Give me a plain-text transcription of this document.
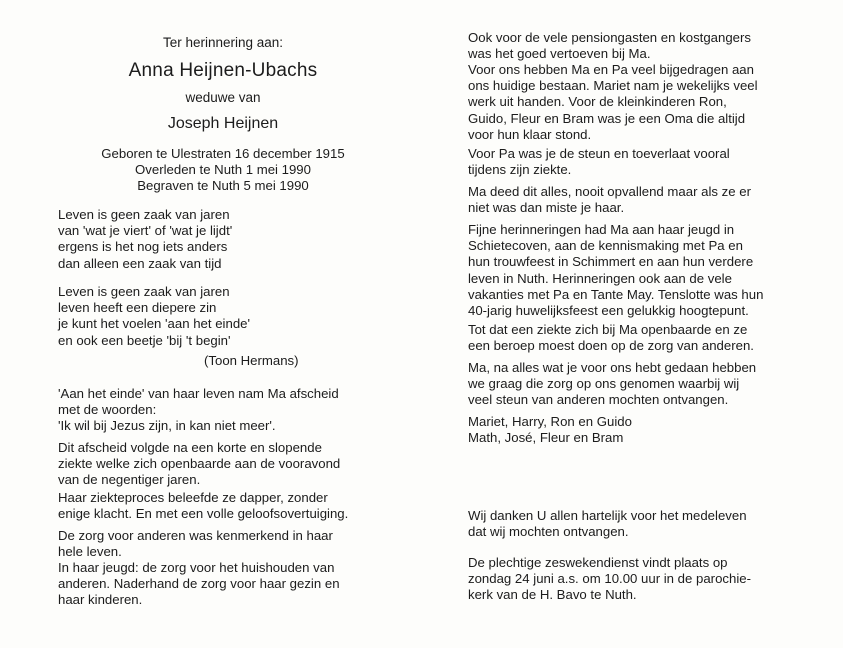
Ter herinnering aan:
Anna Heijnen-Ubachs
weduwe van
Joseph Heijnen
Geboren te Ulestraten 16 december 1915
Overleden te Nuth 1 mei 1990
Begraven te Nuth 5 mei 1990
Leven is geen zaak van jaren
van 'wat je viert' of 'wat je lijdt'
ergens is het nog iets anders
dan alleen een zaak van tijd
Leven is geen zaak van jaren
leven heeft een diepere zin
je kunt het voelen 'aan het einde'
en ook een beetje 'bij 't begin'
(Toon Hermans)
'Aan het einde' van haar leven nam Ma afscheid
met de woorden:
'Ik wil bij Jezus zijn, in kan niet meer'.
Dit afscheid volgde na een korte en slopende
ziekte welke zich openbaarde aan de vooravond
van de negentiger jaren.
Haar ziekteproces beleefde ze dapper, zonder
enige klacht. En met een volle geloofsovertuiging.
De zorg voor anderen was kenmerkend in haar
hele leven.
In haar jeugd: de zorg voor het huishouden van
anderen. Naderhand de zorg voor haar gezin en
haar kinderen.
Ook voor de vele pensiongasten en kostgangers
was het goed vertoeven bij Ma.
Voor ons hebben Ma en Pa veel bijgedragen aan
ons huidige bestaan. Mariet nam je wekelijks veel
werk uit handen. Voor de kleinkinderen Ron,
Guido, Fleur en Bram was je een Oma die altijd
voor hun klaar stond.
Voor Pa was je de steun en toeverlaat vooral
tijdens zijn ziekte.
Ma deed dit alles, nooit opvallend maar als ze er
niet was dan miste je haar.
Fijne herinneringen had Ma aan haar jeugd in
Schietecoven, aan de kennismaking met Pa en
hun trouwfeest in Schimmert en aan hun verdere
leven in Nuth. Herinneringen ook aan de vele
vakanties met Pa en Tante May. Tenslotte was hun
40-jarig huwelijksfeest een gelukkig hoogtepunt.
Tot dat een ziekte zich bij Ma openbaarde en ze
een beroep moest doen op de zorg van anderen.
Ma, na alles wat je voor ons hebt gedaan hebben
we graag die zorg op ons genomen waarbij wij
veel steun van anderen mochten ontvangen.
Mariet, Harry, Ron en Guido
Math, José, Fleur en Bram
Wij danken U allen hartelijk voor het medeleven
dat wij mochten ontvangen.
De plechtige zeswekendienst vindt plaats op
zondag 24 juni a.s. om 10.00 uur in de parochie-
kerk van de H. Bavo te Nuth.
